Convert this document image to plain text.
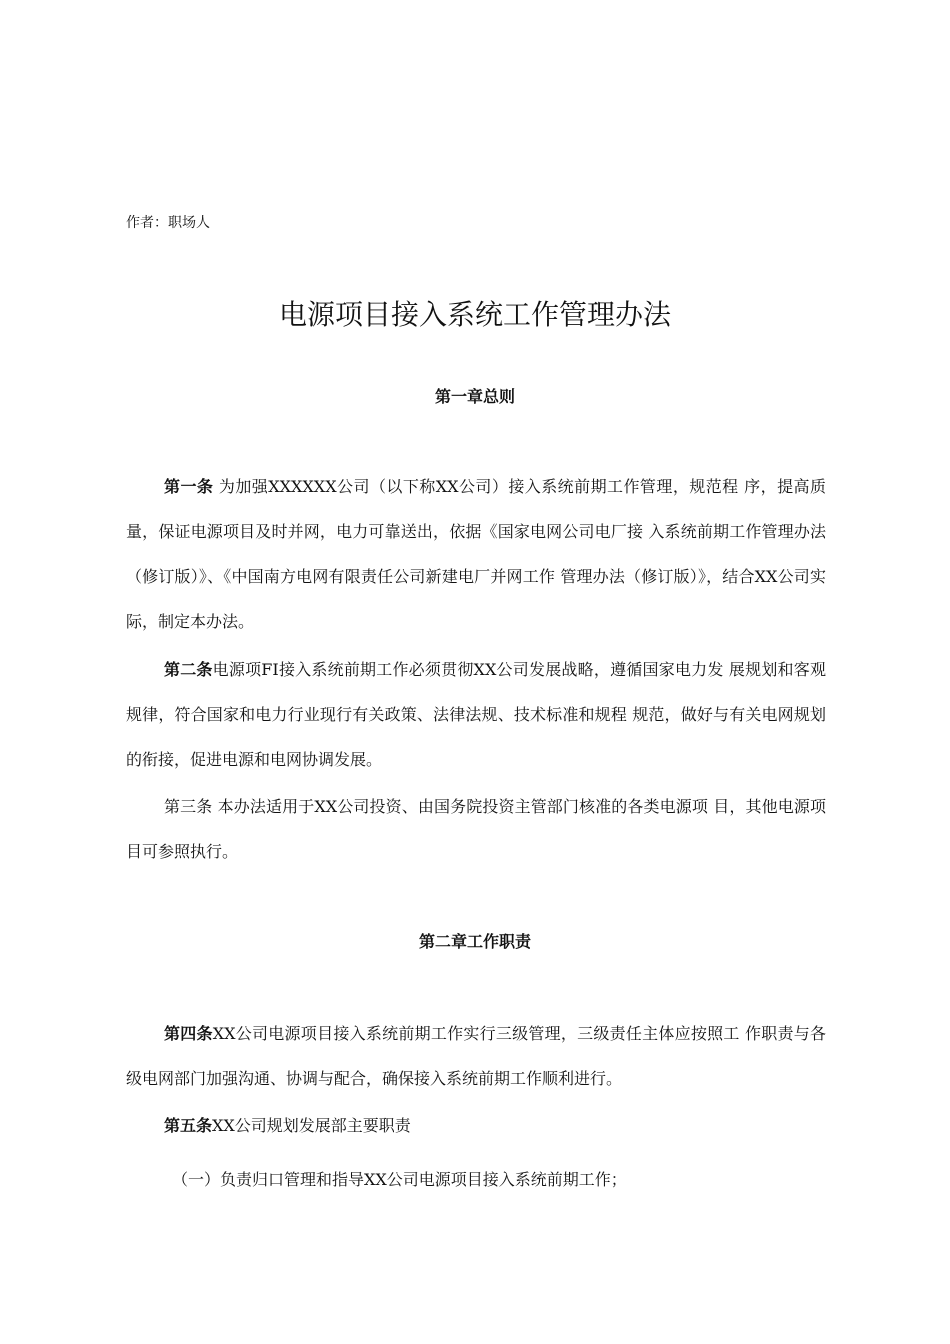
作者：职场人

电源项目接入系统工作管理办法
第一章总则

第一条 为加强XXXXXX公司（以下称XX公司）接入系统前期工作管理，规范程 序，提高质量，保证电源项目及时并网，电力可靠送出，依据《国家电网公司电厂接 入系统前期工作管理办法（修订版）》、《中国南方电网有限责任公司新建电厂并网工作 管理办法（修订版）》，结合XX公司实际，制定本办法。

第二条电源项FI接入系统前期工作必须贯彻XX公司发展战略，遵循国家电力发 展规划和客观规律，符合国家和电力行业现行有关政策、法律法规、技术标准和规程 规范，做好与有关电网规划的衔接，促进电源和电网协调发展。

第三条 本办法适用于XX公司投资、由国务院投资主管部门核准的各类电源项 目，其他电源项目可参照执行。

第二章工作职责

第四条XX公司电源项目接入系统前期工作实行三级管理，三级责任主体应按照工 作职责与各级电网部门加强沟通、协调与配合，确保接入系统前期工作顺利进行。

第五条XX公司规划发展部主要职责

（一）负责归口管理和指导XX公司电源项目接入系统前期工作；
